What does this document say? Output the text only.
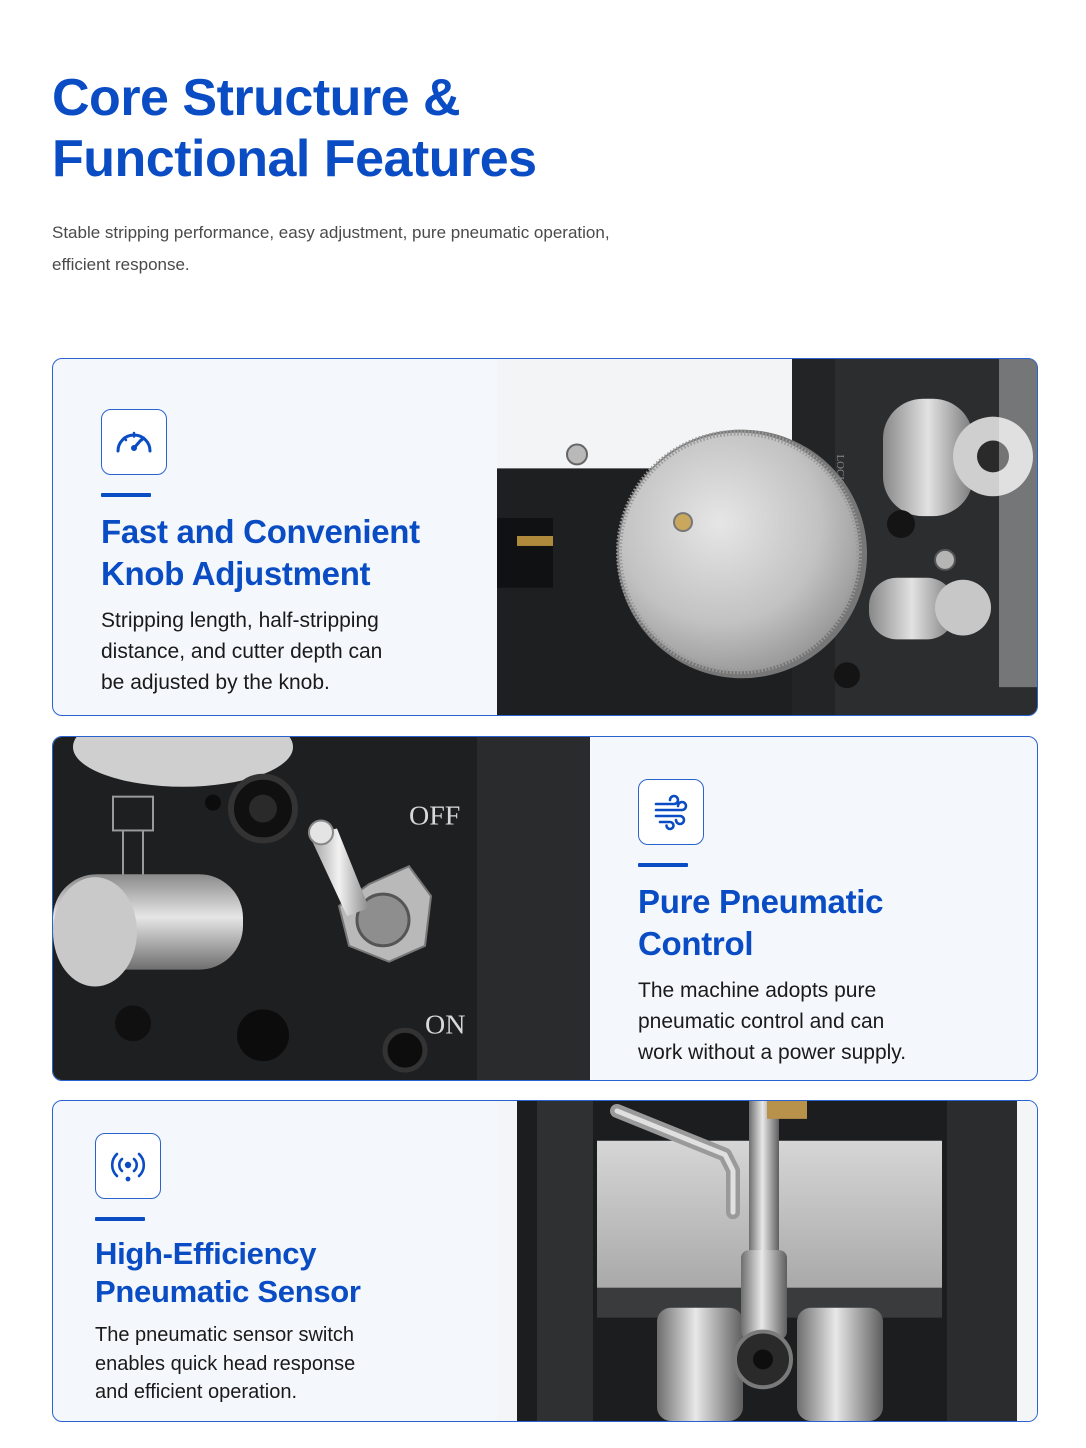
Core Structure &
Functional Features

Stable stripping performance, easy adjustment, pure pneumatic operation,
efficient response.

Fast and Convenient
Knob Adjustment

Stripping length, half-stripping
distance, and cutter depth can
be adjusted by the knob.

LOCK
OFF
ON
Pure Pneumatic
Control

The machine adopts pure
pneumatic control and can
work without a power supply.

High-Efficiency
Pneumatic Sensor

The pneumatic sensor switch
enables quick head response
and efficient operation.
